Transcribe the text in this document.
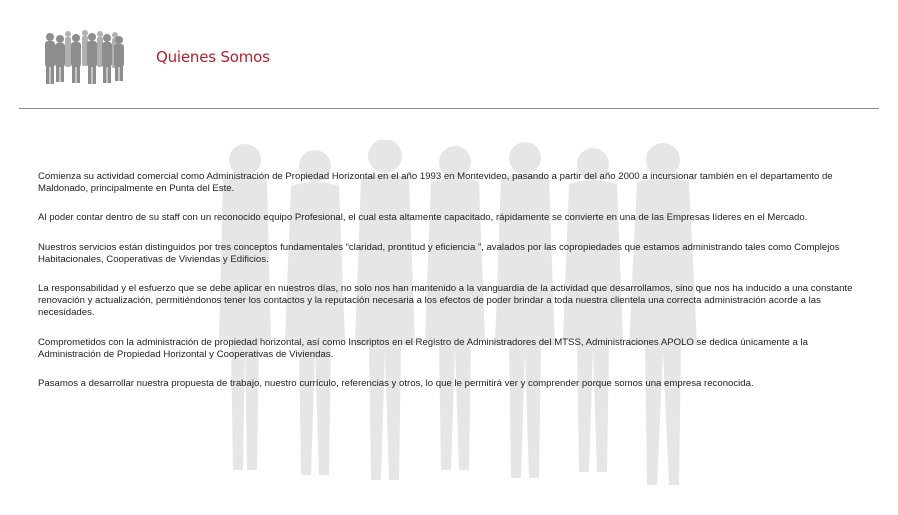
Quienes Somos

Comienza su actividad comercial como Administración de Propiedad Horizontal en el año 1993 en Montevideo, pasando a partir del año 2000 a incursionar también en el departamento de Maldonado, principalmente en Punta del Este.

Al poder contar dentro de su staff con un reconocido equipo Profesional, el cual esta altamente capacitado, rápidamente se convierte en una de las Empresas líderes en el Mercado.

Nuestros servicios están distinguidos por tres conceptos fundamentales “claridad, prontitud y eficiencia ”, avalados por las copropiedades que estamos administrando tales como Complejos Habitacionales, Cooperativas de Viviendas y Edificios.

La responsabilidad y el esfuerzo que se debe aplicar en nuestros días, no solo nos han mantenido a la vanguardia de la actividad que desarrollamos, sino que nos ha inducido a una constante renovación y actualización, permitiéndonos tener los contactos y la reputación necesaria a los efectos de poder brindar a toda nuestra clientela una correcta administración acorde a las necesidades.

Comprometidos con la administración de propiedad horizontal, así como Inscriptos en el Registro de Administradores del MTSS, Administraciones APOLO se dedica únicamente a la Administración de Propiedad Horizontal y Cooperativas de Viviendas.

Pasamos a desarrollar nuestra propuesta de trabajo, nuestro currículo, referencias y otros, lo que le permitirá ver y comprender porque somos una empresa reconocida.
